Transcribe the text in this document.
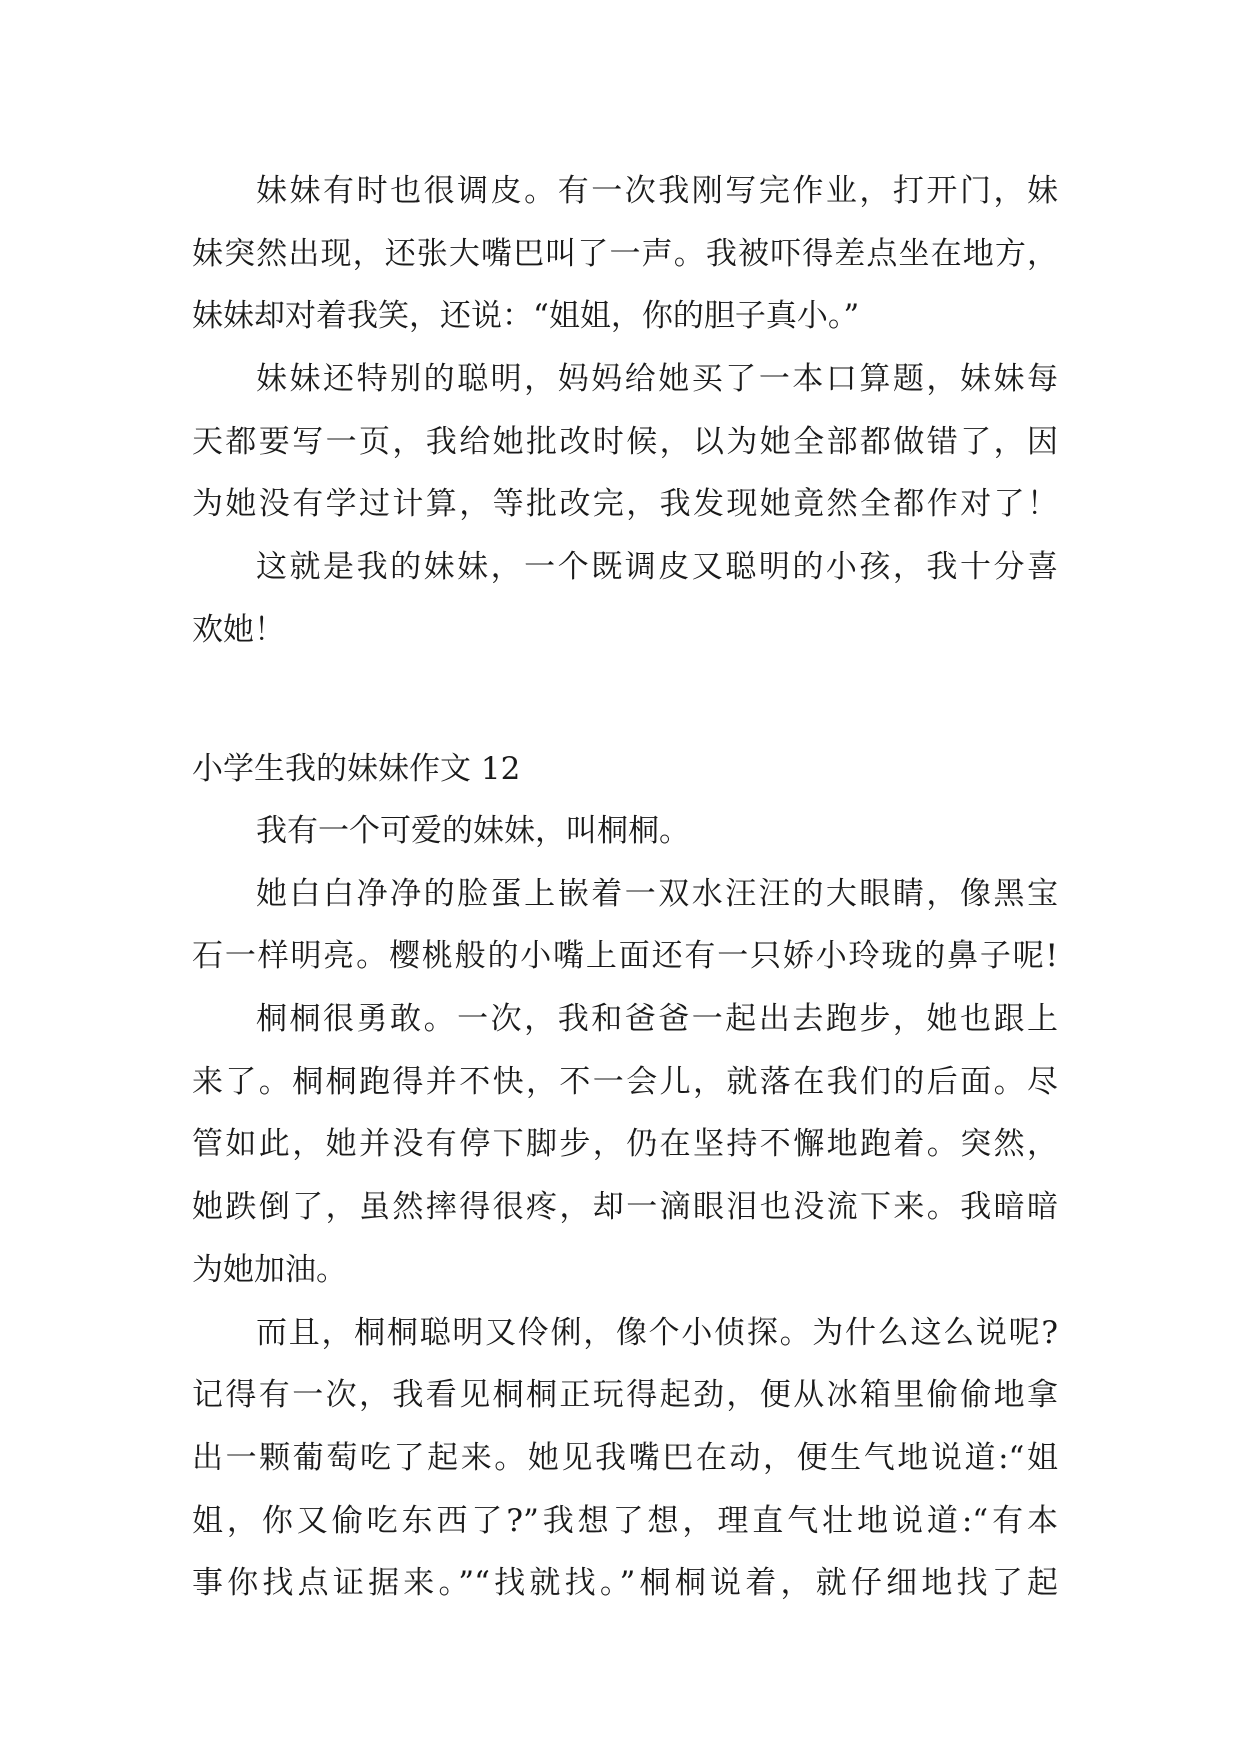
妹妹有时也很调皮。有一次我刚写完作业，打开门，妹
妹突然出现，还张大嘴巴叫了一声。我被吓得差点坐在地方，
妹妹却对着我笑，还说：“姐姐，你的胆子真小。”
妹妹还特别的聪明，妈妈给她买了一本口算题，妹妹每
天都要写一页，我给她批改时候，以为她全部都做错了，因
为她没有学过计算，等批改完，我发现她竟然全都作对了！
这就是我的妹妹，一个既调皮又聪明的小孩，我十分喜
欢她！
小学生我的妹妹作文 12
我有一个可爱的妹妹，叫桐桐。
她白白净净的脸蛋上嵌着一双水汪汪的大眼睛，像黑宝
石一样明亮。樱桃般的小嘴上面还有一只娇小玲珑的鼻子呢!
桐桐很勇敢。一次，我和爸爸一起出去跑步，她也跟上
来了。桐桐跑得并不快，不一会儿，就落在我们的后面。尽
管如此，她并没有停下脚步，仍在坚持不懈地跑着。突然，
她跌倒了，虽然摔得很疼，却一滴眼泪也没流下来。我暗暗
为她加油。
而且，桐桐聪明又伶俐，像个小侦探。为什么这么说呢?
记得有一次，我看见桐桐正玩得起劲，便从冰箱里偷偷地拿
出一颗葡萄吃了起来。她见我嘴巴在动，便生气地说道:“姐
姐，你又偷吃东西了?”我想了想，理直气壮地说道:“有本
事你找点证据来。”“找就找。”桐桐说着，就仔细地找了起
